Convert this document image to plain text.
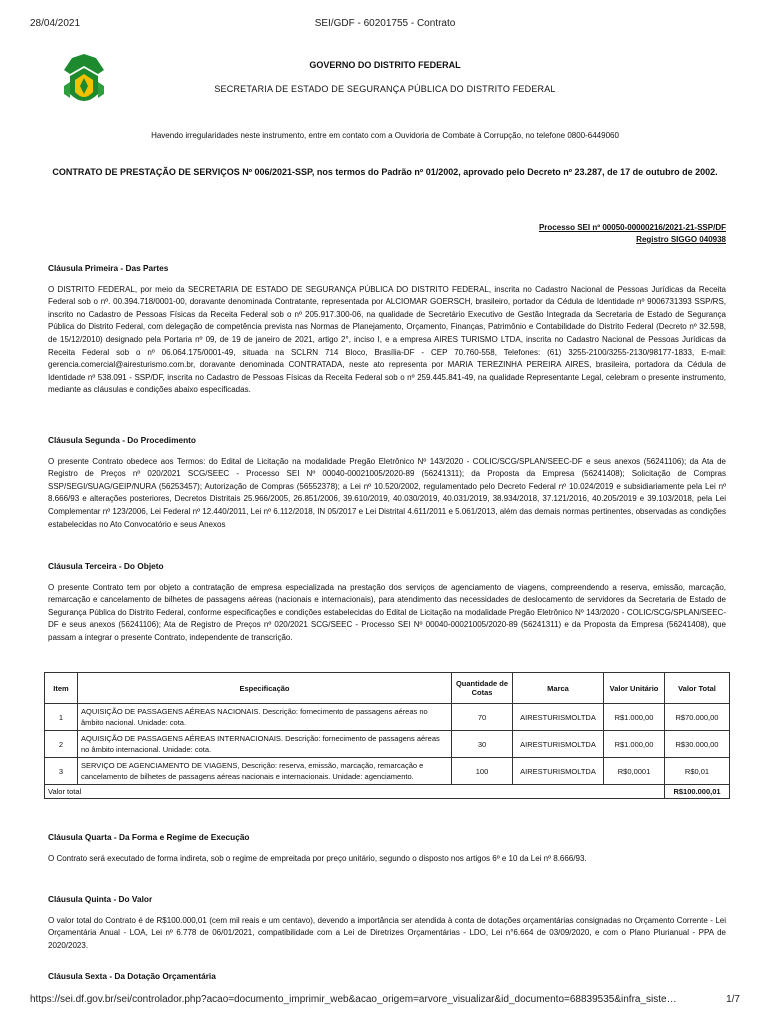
28/04/2021	SEI/GDF - 60201755 - Contrato
GOVERNO DO DISTRITO FEDERAL
SECRETARIA DE ESTADO DE SEGURANÇA PÚBLICA DO DISTRITO FEDERAL
Havendo irregularidades neste instrumento, entre em contato com a Ouvidoria de Combate à Corrupção, no telefone 0800-6449060
CONTRATO DE PRESTAÇÃO DE SERVIÇOS Nº 006/2021-SSP, nos termos do Padrão nº 01/2002, aprovado pelo Decreto nº 23.287, de 17 de outubro de 2002.
Processo SEI nº 00050-00000216/2021-21-SSP/DF
Registro SIGGO 040938
Cláusula Primeira - Das Partes

O DISTRITO FEDERAL, por meio da SECRETARIA DE ESTADO DE SEGURANÇA PÚBLICA DO DISTRITO FEDERAL, inscrita no Cadastro Nacional de Pessoas Jurídicas da Receita Federal sob o nº. 00.394.718/0001-00, doravante denominada Contratante, representada por ALCIOMAR GOERSCH, brasileiro, portador da Cédula de Identidade nº 9006731393 SSP/RS, inscrito no Cadastro de Pessoas Físicas da Receita Federal sob o nº 205.917.300-06, na qualidade de Secretário Executivo de Gestão Integrada da Secretaria de Estado de Segurança Pública do Distrito Federal, com delegação de competência prevista nas Normas de Planejamento, Orçamento, Finanças, Patrimônio e Contabilidade do Distrito Federal (Decreto nº 32.598, de 15/12/2010) designado pela Portaria nº 09, de 19 de janeiro de 2021, artigo 2°, inciso I, e a empresa AIRES TURISMO LTDA, inscrita no Cadastro Nacional de Pessoas Jurídicas da Receita Federal sob o nº 06.064.175/0001-49, situada na SCLRN 714 Bloco, Brasília-DF - CEP 70.760-558, Telefones: (61) 3255-2100/3255-2130/98177-1833, E-mail: gerencia.comercial@airesturismo.com.br, doravante denominada CONTRATADA, neste ato representa por MARIA TEREZINHA PEREIRA AIRES, brasileira, portadora da Cédula de Identidade nº 538.091 - SSP/DF, inscrita no Cadastro de Pessoas Físicas da Receita Federal sob o nº 259.445.841-49, na qualidade Representante Legal, celebram o presente instrumento, mediante as cláusulas e condições abaixo especificadas.

Cláusula Segunda - Do Procedimento

O presente Contrato obedece aos Termos: do Edital de Licitação na modalidade Pregão Eletrônico Nº 143/2020 - COLIC/SCG/SPLAN/SEEC-DF e seus anexos (56241106); da Ata de Registro de Preços nº 020/2021 SCG/SEEC - Processo SEI Nº 00040-00021005/2020-89 (56241311); da Proposta da Empresa (56241408); Solicitação de Compras SSP/SEGI/SUAG/GEIP/NURA (56253457); Autorização de Compras (56552378); a Lei nº 10.520/2002, regulamentado pelo Decreto Federal nº 10.024/2019 e subsidiariamente pela Lei nº 8.666/93 e alterações posteriores, Decretos Distritais 25.966/2005, 26.851/2006, 39.610/2019, 40.030/2019, 40.031/2019, 38.934/2018, 37.121/2016, 40.205/2019 e 39.103/2018, pela Lei Complementar nº 123/2006, Lei Federal nº 12.440/2011, Lei nº 6.112/2018, IN 05/2017 e Lei Distrital 4.611/2011 e 5.061/2013, além das demais normas pertinentes, observadas as condições estabelecidas no Ato Convocatório e seus Anexos

Cláusula Terceira - Do Objeto

O presente Contrato tem por objeto a contratação de empresa especializada na prestação dos serviços de agenciamento de viagens, compreendendo a reserva, emissão, marcação, remarcação e cancelamento de bilhetes de passagens aéreas (nacionais e internacionais), para atendimento das necessidades de deslocamento de servidores da Secretaria de Estado de Segurança Pública do Distrito Federal, conforme especificações e condições estabelecidas do Edital de Licitação na modalidade Pregão Eletrônico Nº 143/2020 - COLIC/SCG/SPLAN/SEEC-DF e seus anexos (56241106); Ata de Registro de Preços nº 020/2021 SCG/SEEC - Processo SEI Nº 00040-00021005/2020-89 (56241311) e da Proposta da Empresa (56241408), que passam a integrar o presente Contrato, independente de transcrição.

Item	Especificação	Quantidade de Cotas	Marca	Valor Unitário	Valor Total
1	AQUISIÇÃO DE PASSAGENS AÉREAS NACIONAIS. Descrição: fornecimento de passagens aéreas no âmbito nacional. Unidade: cota.	70	AIRESTURISMOLTDA	R$1.000,00	R$70.000,00
2	AQUISIÇÃO DE PASSAGENS AÉREAS INTERNACIONAIS. Descrição: fornecimento de passagens aéreas no âmbito internacional. Unidade: cota.	30	AIRESTURISMOLTDA	R$1.000,00	R$30.000,00
3	SERVIÇO DE AGENCIAMENTO DE VIAGENS, Descrição: reserva, emissão, marcação, remarcação e cancelamento de bilhetes de passagens aéreas nacionais e internacionais. Unidade: agenciamento.	100	AIRESTURISMOLTDA	R$0,0001	R$0,01
Valor total					R$100.000,01
Cláusula Quarta - Da Forma e Regime de Execução

O Contrato será executado de forma indireta, sob o regime de empreitada por preço unitário, segundo o disposto nos artigos 6º e 10 da Lei nº 8.666/93.

Cláusula Quinta - Do Valor

O valor total do Contrato é de R$100.000,01 (cem mil reais e um centavo), devendo a importância ser atendida à conta de dotações orçamentárias consignadas no Orçamento Corrente - Lei Orçamentária Anual - LOA, Lei nº 6.778 de 06/01/2021, compatibilidade com a Lei de Diretrizes Orçamentárias - LDO, Lei n°6.664 de 03/09/2020, e com o Plano Plurianual - PPA de 2020/2023.

Cláusula Sexta - Da Dotação Orçamentária
https://sei.df.gov.br/sei/controlador.php?acao=documento_imprimir_web&acao_origem=arvore_visualizar&id_documento=68839535&infra_siste…	1/7
